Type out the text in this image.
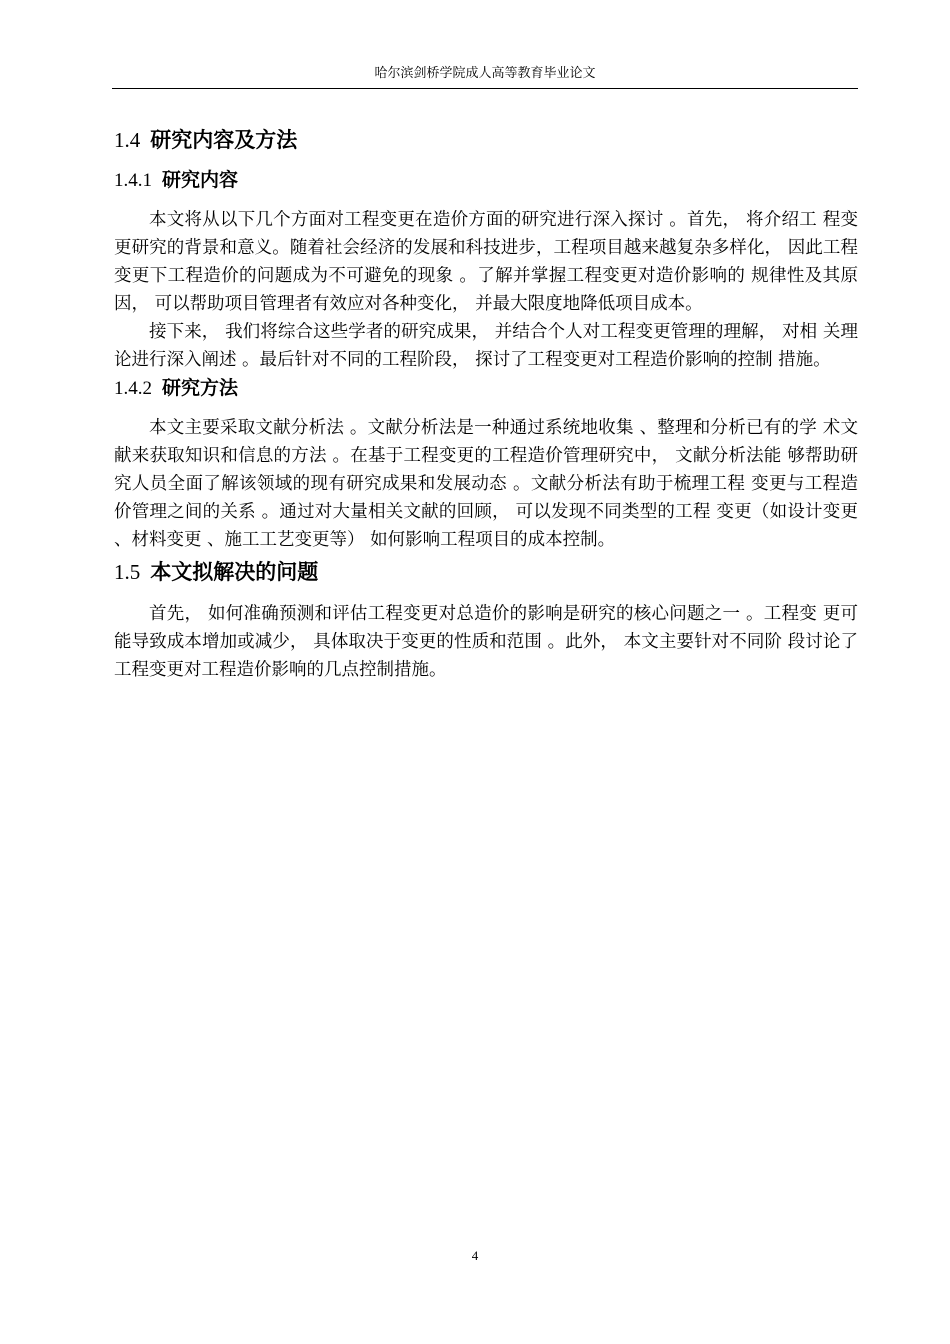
哈尔滨剑桥学院成人高等教育毕业论文
1.4 研究内容及方法
1.4.1 研究内容

本文将从以下几个方面对工程变更在造价方面的研究进行深入探讨 。首先， 将介绍工 程变更研究的背景和意义。随着社会经济的发展和科技进步，工程项目越来越复杂多样化， 因此工程变更下工程造价的问题成为不可避免的现象 。了解并掌握工程变更对造价影响的 规律性及其原因， 可以帮助项目管理者有效应对各种变化， 并最大限度地降低项目成本。

接下来， 我们将综合这些学者的研究成果， 并结合个人对工程变更管理的理解， 对相 关理论进行深入阐述 。最后针对不同的工程阶段， 探讨了工程变更对工程造价影响的控制 措施。

1.4.2 研究方法

本文主要采取文献分析法 。文献分析法是一种通过系统地收集 、整理和分析已有的学 术文献来获取知识和信息的方法 。在基于工程变更的工程造价管理研究中， 文献分析法能 够帮助研究人员全面了解该领域的现有研究成果和发展动态 。文献分析法有助于梳理工程 变更与工程造价管理之间的关系 。通过对大量相关文献的回顾， 可以发现不同类型的工程 变更（如设计变更 、材料变更 、施工工艺变更等） 如何影响工程项目的成本控制。

1.5 本文拟解决的问题

首先， 如何准确预测和评估工程变更对总造价的影响是研究的核心问题之一 。工程变 更可能导致成本增加或减少， 具体取决于变更的性质和范围 。此外， 本文主要针对不同阶 段讨论了工程变更对工程造价影响的几点控制措施。

4
